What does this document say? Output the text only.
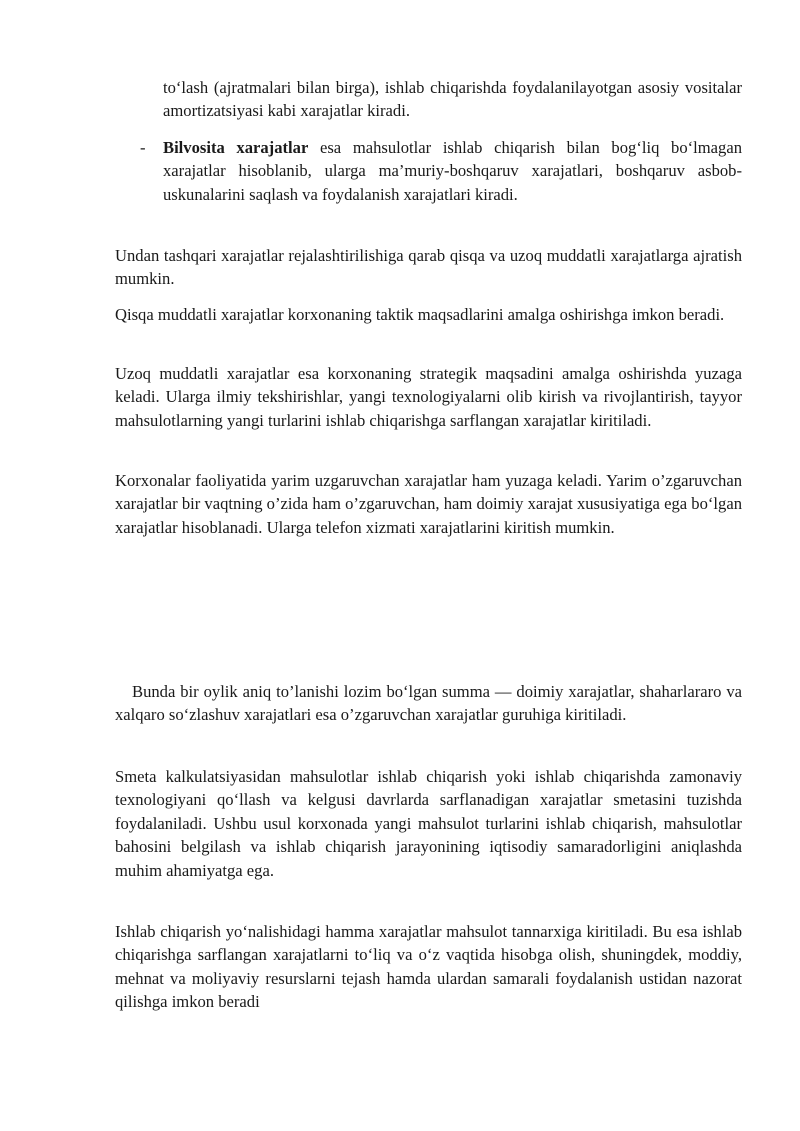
to‘lash (ajratmalari bilan birga), ishlab chiqarishda foydalanilayotgan asosiy vositalar amortizatsiyasi kabi xarajatlar kiradi.

- Bilvosita xarajatlar esa mahsulotlar ishlab chiqarish bilan bog‘liq bo‘lmagan xarajatlar hisoblanib, ularga ma’muriy-boshqaruv xarajatlari, boshqaruv asbob-uskunalarini saqlash va foydalanish xarajatlari kiradi.

Undan tashqari xarajatlar rejalashtirilishiga qarab qisqa va uzoq muddatli xarajatlarga ajratish mumkin.

Qisqa muddatli xarajatlar korxonaning taktik maqsadlarini amalga oshirishga imkon beradi.

Uzoq muddatli xarajatlar esa korxonaning strategik maqsadini amalga oshirishda yuzaga keladi. Ularga ilmiy tekshirishlar, yangi texnologiyalarni olib kirish va rivojlantirish, tayyor mahsulotlarning yangi turlarini ishlab chiqarishga sarflangan xarajatlar kiritiladi.

Korxonalar faoliyatida yarim uzgaruvchan xarajatlar ham yuzaga keladi. Yarim o’zgaruvchan xarajatlar bir vaqtning o’zida ham o’zgaruvchan, ham doimiy xarajat xususiyatiga ega bo‘lgan xarajatlar hisoblanadi. Ularga telefon xizmati xarajatlarini kiritish mumkin.

Bunda bir oylik aniq to’lanishi lozim bo‘lgan summa — doimiy xarajatlar, shaharlararo va xalqaro so‘zlashuv xarajatlari esa o’zgaruvchan xarajatlar guruhiga kiritiladi.

Smeta kalkulatsiyasidan mahsulotlar ishlab chiqarish yoki ishlab chiqarishda zamonaviy texnologiyani qo‘llash va kelgusi davrlarda sarflanadigan xarajatlar smetasini tuzishda foydalaniladi. Ushbu usul korxonada yangi mahsulot turlarini ishlab chiqarish, mahsulotlar bahosini belgilash va ishlab chiqarish jarayonining iqtisodiy samaradorligini aniqlashda muhim ahamiyatga ega.

Ishlab chiqarish yo‘nalishidagi hamma xarajatlar mahsulot tannarxiga kiritiladi. Bu esa ishlab chiqarishga sarflangan xarajatlarni to‘liq va o‘z vaqtida hisobga olish, shuningdek, moddiy, mehnat va moliyaviy resurslarni tejash hamda ulardan samarali foydalanish ustidan nazorat qilishga imkon beradi
